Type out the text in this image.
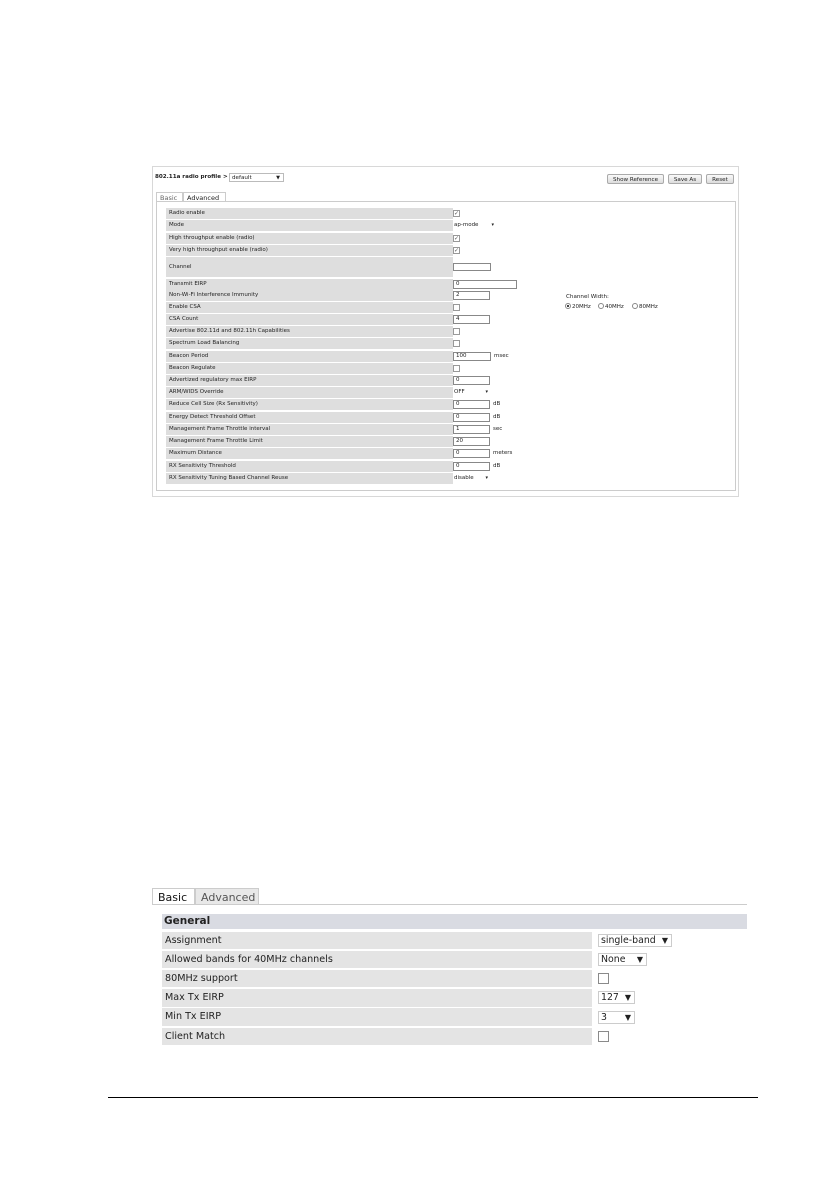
802.11a radio profile > default	▼	Show Reference	Save As	Reset
Basic	Advanced
Radio enable	✓
Mode	ap-mode	▾
High throughput enable (radio)	✓
Very high throughput enable (radio)	✓
Channel
Transmit EIRP	0
Non-Wi-Fi Interference Immunity	2
Enable CSA
CSA Count	4
Advertise 802.11d and 802.11h Capabilities
Spectrum Load Balancing
Beacon Period	100	msec
Beacon Regulate
Advertized regulatory max EIRP	0
ARM/WIDS Override	OFF	▾
Reduce Cell Size (Rx Sensitivity)	0	dB
Energy Detect Threshold Offset	0	dB
Management Frame Throttle interval	1	sec
Management Frame Throttle Limit	20
Maximum Distance	0	meters
RX Sensitivity Threshold	0	dB
RX Sensitivity Tuning Based Channel Reuse	disable ▾
Channel Width:
20MHz	40MHz	80MHz
Basic	Advanced
General
Assignment	single-band ▼
Allowed bands for 40MHz channels	None ▼
80MHz support
Max Tx EIRP	127 ▼
Min Tx EIRP	3 ▼
Client Match
